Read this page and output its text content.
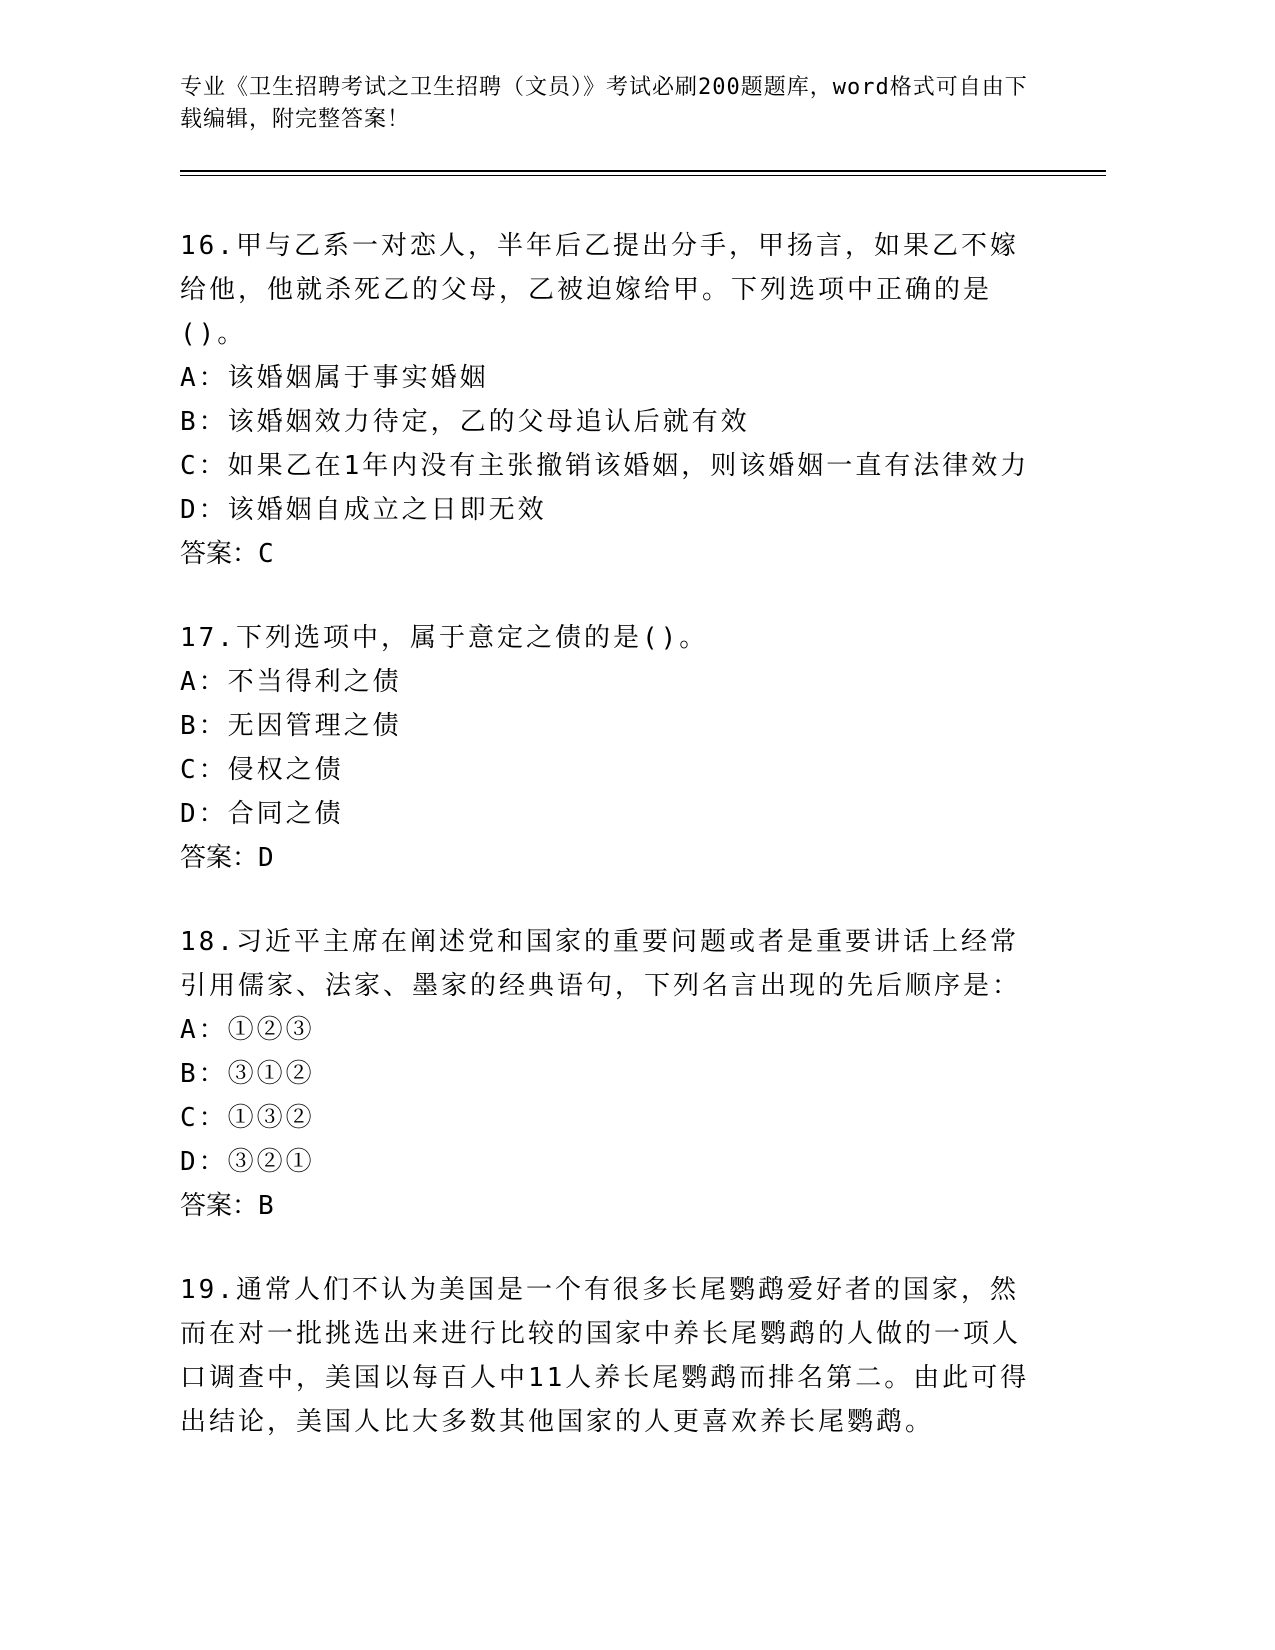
专业《卫生招聘考试之卫生招聘（文员）》考试必刷200题题库，word格式可自由下载编辑，附完整答案！

16.甲与乙系一对恋人，半年后乙提出分手，甲扬言，如果乙不嫁给他，他就杀死乙的父母，乙被迫嫁给甲。下列选项中正确的是()。

A：该婚姻属于事实婚姻

B：该婚姻效力待定，乙的父母追认后就有效

C：如果乙在1年内没有主张撤销该婚姻，则该婚姻一直有法律效力

D：该婚姻自成立之日即无效

答案：C

17.下列选项中，属于意定之债的是()。

A：不当得利之债

B：无因管理之债

C：侵权之债

D：合同之债

答案：D

18.习近平主席在阐述党和国家的重要问题或者是重要讲话上经常引用儒家、法家、墨家的经典语句，下列名言出现的先后顺序是：

A：①②③

B：③①②

C：①③②

D：③②①

答案：B

19.通常人们不认为美国是一个有很多长尾鹦鹉爱好者的国家，然而在对一批挑选出来进行比较的国家中养长尾鹦鹉的人做的一项人口调查中，美国以每百人中11人养长尾鹦鹉而排名第二。由此可得出结论，美国人比大多数其他国家的人更喜欢养长尾鹦鹉。
